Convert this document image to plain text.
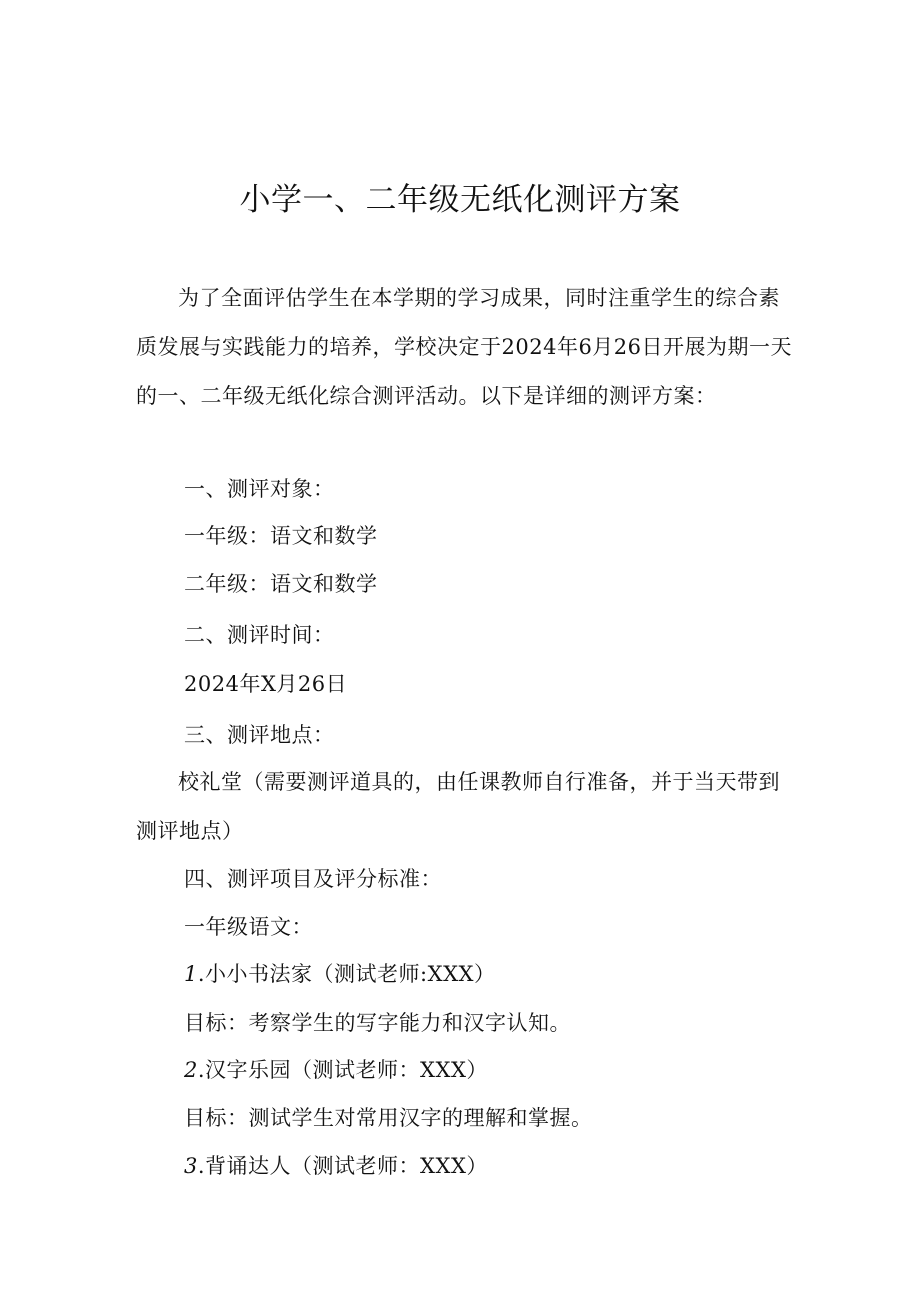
小学一、二年级无纸化测评方案

为了全面评估学生在本学期的学习成果，同时注重学生的综合素质发展与实践能力的培养，学校决定于2024年6月26日开展为期一天的一、二年级无纸化综合测评活动。以下是详细的测评方案：

一、测评对象：
一年级：语文和数学
二年级：语文和数学
二、测评时间：
2024年X月26日
三、测评地点：

校礼堂（需要测评道具的，由任课教师自行准备，并于当天带到测评地点）

四、测评项目及评分标准：
一年级语文：
1.小小书法家（测试老师:XXX）
目标：考察学生的写字能力和汉字认知。
2.汉字乐园（测试老师：XXX）
目标：测试学生对常用汉字的理解和掌握。
3.背诵达人（测试老师：XXX）
